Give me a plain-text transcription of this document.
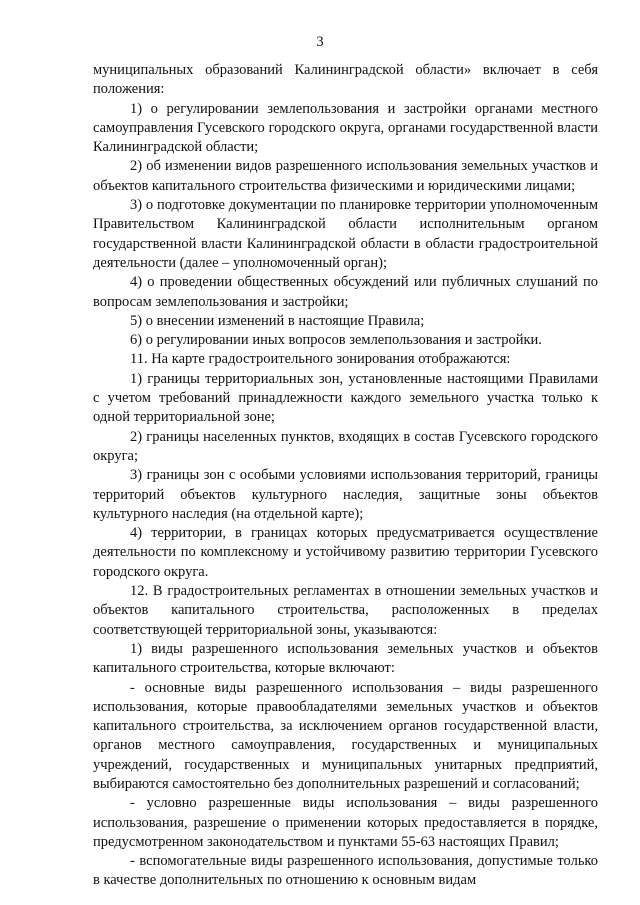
3

муниципальных образований Калининградской области» включает в себя положения:

1) о регулировании землепользования и застройки органами местного самоуправления Гусевского городского округа, органами государственной власти Калининградской области;

2) об изменении видов разрешенного использования земельных участков и объектов капитального строительства физическими и юридическими лицами;

3) о подготовке документации по планировке территории уполномоченным Правительством Калининградской области исполнительным органом государственной власти Калининградской области в области градостроительной деятельности (далее – уполномоченный орган);

4) о проведении общественных обсуждений или публичных слушаний по вопросам землепользования и застройки;

5) о внесении изменений в настоящие Правила;

6) о регулировании иных вопросов землепользования и застройки.

11. На карте градостроительного зонирования отображаются:

1) границы территориальных зон, установленные настоящими Правилами с учетом требований принадлежности каждого земельного участка только к одной территориальной зоне;

2) границы населенных пунктов, входящих в состав Гусевского городского округа;

3) границы зон с особыми условиями использования территорий, границы территорий объектов культурного наследия, защитные зоны объектов культурного наследия (на отдельной карте);

4) территории, в границах которых предусматривается осуществление деятельности по комплексному и устойчивому развитию территории Гусевского городского округа.

12. В градостроительных регламентах в отношении земельных участков и объектов капитального строительства, расположенных в пределах соответствующей территориальной зоны, указываются:

1) виды разрешенного использования земельных участков и объектов капитального строительства, которые включают:

- основные виды разрешенного использования – виды разрешенного использования, которые правообладателями земельных участков и объектов капитального строительства, за исключением органов государственной власти, органов местного самоуправления, государственных и муниципальных учреждений, государственных и муниципальных унитарных предприятий, выбираются самостоятельно без дополнительных разрешений и согласований;

- условно разрешенные виды использования – виды разрешенного использования, разрешение о применении которых предоставляется в порядке, предусмотренном законодательством и пунктами 55-63 настоящих Правил;

- вспомогательные виды разрешенного использования, допустимые только в качестве дополнительных по отношению к основным видам
